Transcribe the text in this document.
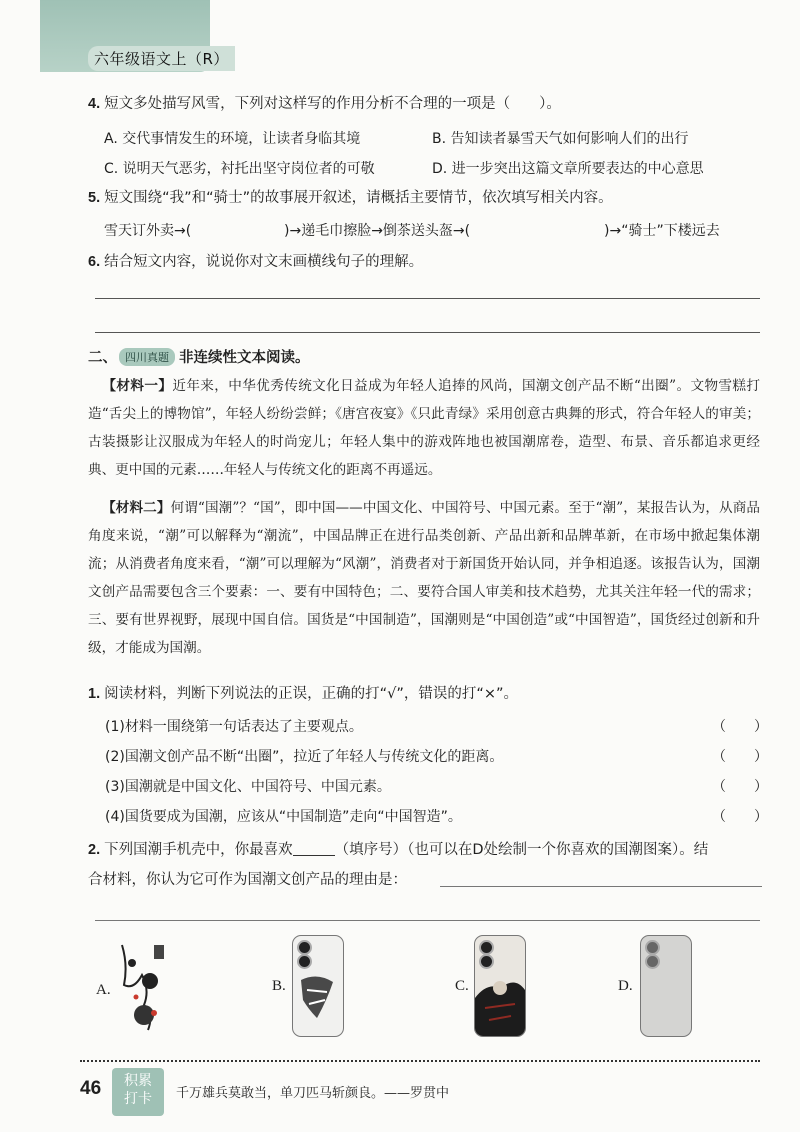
六年级语文上（R）
4. 短文多处描写风雪，下列对这样写的作用分析不合理的一项是（　　）。
A. 交代事情发生的环境，让读者身临其境	B. 告知读者暴雪天气如何影响人们的出行
C. 说明天气恶劣，衬托出坚守岗位者的可敬	D. 进一步突出这篇文章所要表达的中心意思
5. 短文围绕“我”和“骑士”的故事展开叙述，请概括主要情节，依次填写相关内容。
雪天订外卖→(	)→递毛巾擦脸→倒茶送头盔→(	)→“骑士”下楼远去
6. 结合短文内容，说说你对文末画横线句子的理解。
二、 四川真题 非连续性文本阅读。
【材料一】近年来，中华优秀传统文化日益成为年轻人追捧的风尚，国潮文创产品不断“出圈”。文物雪糕打造“舌尖上的博物馆”，年轻人纷纷尝鲜；《唐宫夜宴》《只此青绿》采用创意古典舞的形式，符合年轻人的审美；古装摄影让汉服成为年轻人的时尚宠儿；年轻人集中的游戏阵地也被国潮席卷，造型、布景、音乐都追求更经典、更中国的元素……年轻人与传统文化的距离不再遥远。
【材料二】何谓“国潮”？“国”，即中国——中国文化、中国符号、中国元素。至于“潮”，某报告认为，从商品角度来说，“潮”可以解释为“潮流”，中国品牌正在进行品类创新、产品出新和品牌革新，在市场中掀起集体潮流；从消费者角度来看，“潮”可以理解为“风潮”，消费者对于新国货开始认同，并争相追逐。该报告认为，国潮文创产品需要包含三个要素：一、要有中国特色；二、要符合国人审美和技术趋势，尤其关注年轻一代的需求；三、要有世界视野，展现中国自信。国货是“中国制造”，国潮则是“中国创造”或“中国智造”，国货经过创新和升级，才能成为国潮。
1. 阅读材料，判断下列说法的正误，正确的打“√”，错误的打“×”。
(1)材料一围绕第一句话表达了主要观点。	（　　）
(2)国潮文创产品不断“出圈”，拉近了年轻人与传统文化的距离。	（　　）
(3)国潮就是中国文化、中国符号、中国元素。	（　　）
(4)国货要成为国潮，应该从“中国制造”走向“中国智造”。	（　　）
2. 下列国潮手机壳中，你最喜欢	（填序号）（也可以在D处绘制一个你喜欢的国潮图案）。结
合材料，你认为它可作为国潮文创产品的理由是：
A.	B.	C.	D.
46	积累
打卡	千万雄兵莫敢当，单刀匹马斩颜良。——罗贯中
